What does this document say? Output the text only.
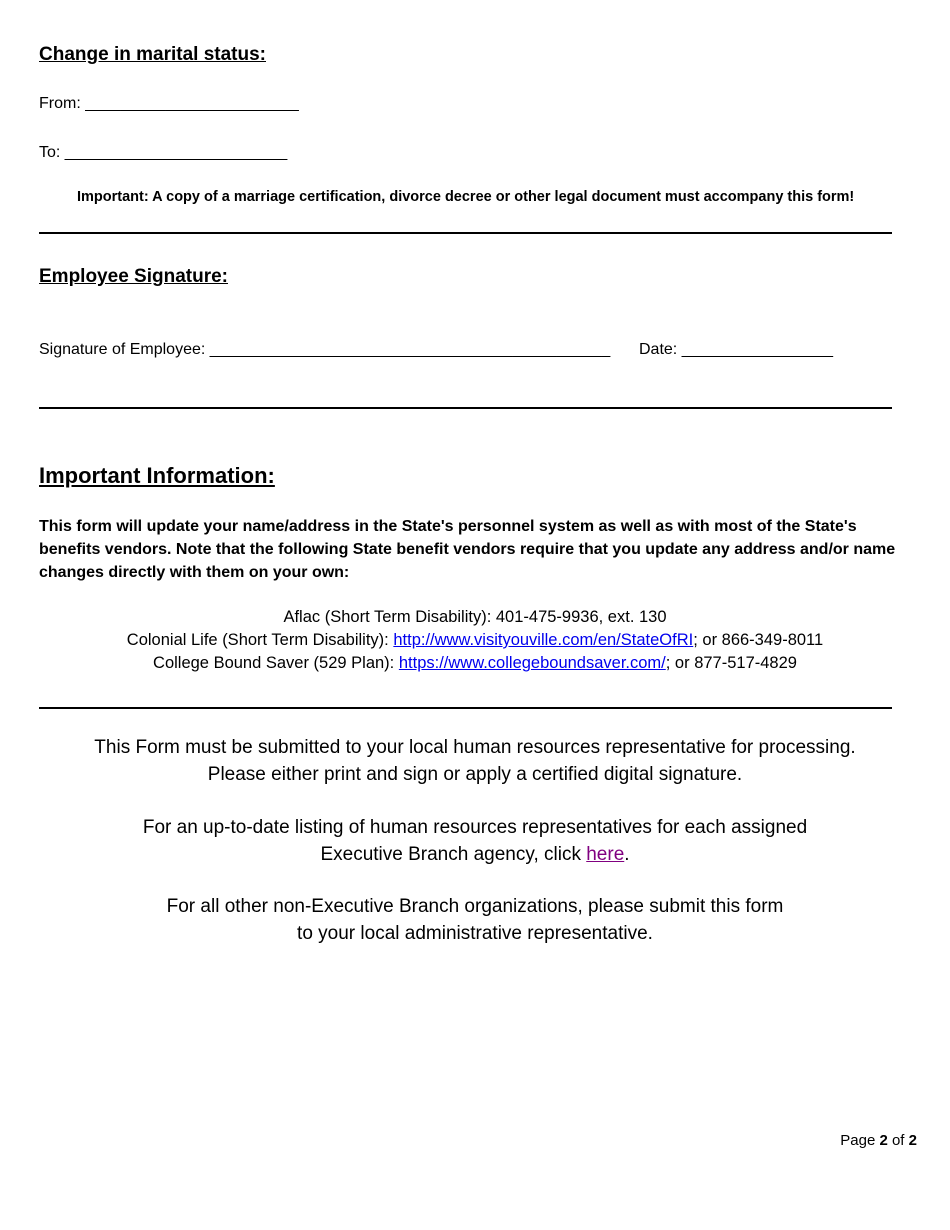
Change in marital status:
From: ________________________
To: _________________________
Important: A copy of a marriage certification, divorce decree or other legal document must accompany this form!
Employee Signature:
Signature of Employee: _____________________________________________ Date: _________________
Important Information:
This form will update your name/address in the State's personnel system as well as with most of the State's benefits vendors. Note that the following State benefit vendors require that you update any address and/or name changes directly with them on your own:
Aflac (Short Term Disability): 401-475-9936, ext. 130
Colonial Life (Short Term Disability): http://www.visityouville.com/en/StateOfRI; or 866-349-8011
College Bound Saver (529 Plan): https://www.collegeboundsaver.com/; or 877-517-4829
This Form must be submitted to your local human resources representative for processing.
Please either print and sign or apply a certified digital signature.
For an up-to-date listing of human resources representatives for each assigned
Executive Branch agency, click here.
For all other non-Executive Branch organizations, please submit this form
to your local administrative representative.
Page 2 of 2
